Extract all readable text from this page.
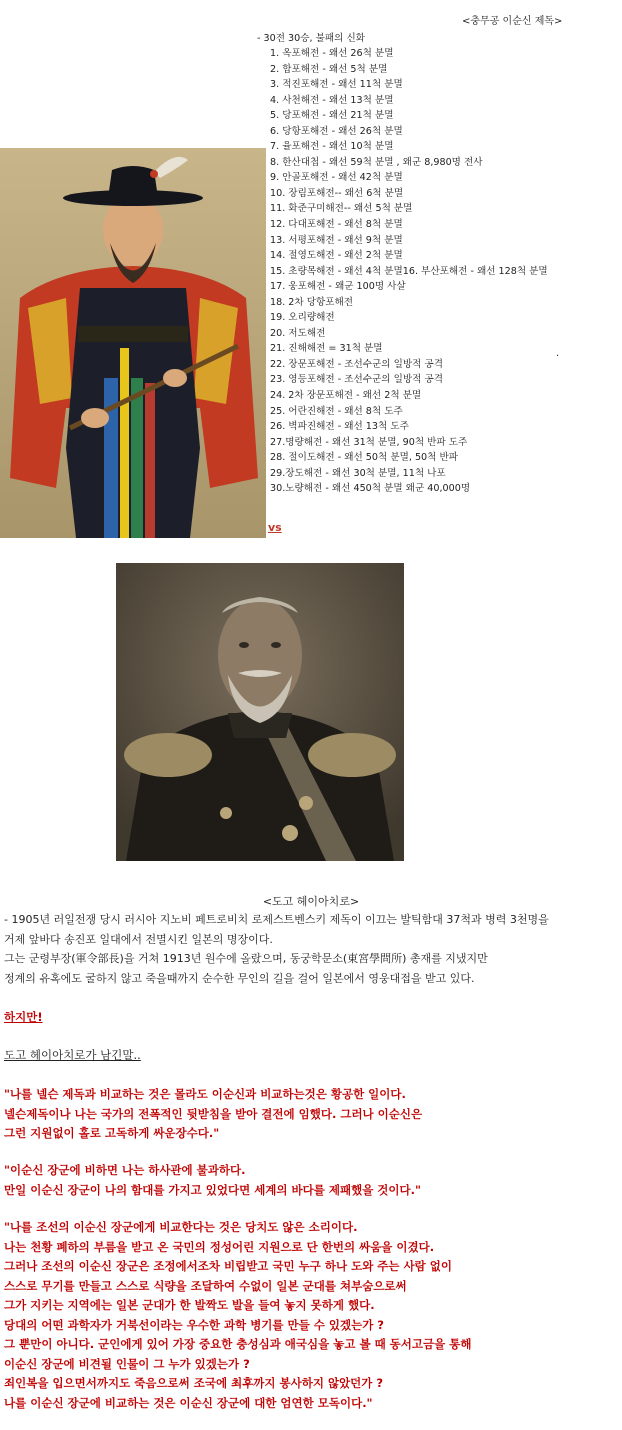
<충무공 이순신 제독>
- 30전 30승, 불패의 신화
1. 옥포해전 - 왜선 26척 분멸
2. 합포해전 - 왜선 5척 분멸
3. 적진포해전 - 왜선 11척 분멸
4. 사천해전 - 왜선 13척 분멸
5. 당포해전 - 왜선 21척 분멸
6. 당항포해전 - 왜선 26척 분멸
7. 율포해전 - 왜선 10척 분멸
8. 한산대첩 - 왜선 59척 분멸 , 왜군 8,980명 전사
9. 안골포해전 - 왜선 42척 분멸
10. 장림포해전-- 왜선 6척 분멸
11. 화준구미해전-- 왜선 5척 분멸
12. 다대포해전 - 왜선 8척 분멸
13. 서평포해전 - 왜선 9척 분멸
14. 절영도해전 - 왜선 2척 분멸
15. 초량목해전 - 왜선 4척 분멸16. 부산포해전 - 왜선 128척 분멸
17. 웅포해전 - 왜군 100명 사살
18. 2차 당항포해전
19. 오리량해전
20. 저도해전
21. 진해해전 = 31척 분멸
22. 장문포해전 - 조선수군의 일방적 공격
23. 영등포해전 - 조선수군의 일방적 공격
24. 2차 장문포해전 - 왜선 2척 분멸
25. 어란진해전 - 왜선 8척 도주
26. 벽파진해전 - 왜선 13척 도주
27.명량해전 - 왜선 31척 분멸, 90척 반파 도주
28. 절이도해전 - 왜선 50척 분멸, 50척 반파
29.장도해전 - 왜선 30척 분멸, 11척 나포
30.노량해전 - 왜선 450척 분멸 왜군 40,000명
.
vs
<도고 헤이아치로>

- 1905년 러일전쟁 당시 러시아 지노비 페트로비치 로제스트벤스키 제독이 이끄는 발틱함대 37척과 병력 3천명을

거제 앞바다 송진포 일대에서 전멸시킨 일본의 명장이다.

그는 군령부장(軍令部長)을 거쳐 1913년 원수에 올랐으며, 동궁학문소(東宮學問所) 총재를 지냈지만

정계의 유혹에도 굴하지 않고 죽을때까지 순수한 무인의 길을 걸어 일본에서 영웅대접을 받고 있다.

하지만!
도고 헤이아치로가 남긴말..

"나를 넬슨 제독과 비교하는 것은 몰라도 이순신과 비교하는것은 황공한 일이다.

넬슨제독이나 나는 국가의 전폭적인 뒷받침을 받아 결전에 임했다. 그러나 이순신은

그런 지원없이 홀로 고독하게 싸운장수다."

"이순신 장군에 비하면 나는 하사관에 불과하다.

만일 이순신 장군이 나의 함대를 가지고 있었다면 세계의 바다를 제패했을 것이다."

"나를 조선의 이순신 장군에게 비교한다는 것은 당치도 않은 소리이다.

나는 천황 폐하의 부름을 받고 온 국민의 정성어린 지원으로 단 한번의 싸움을 이겼다.

그러나 조선의 이순신 장군은 조정에서조차 비립받고 국민 누구 하나 도와 주는 사람 없이

스스로 무기를 만들고 스스로 식량을 조달하여 수없이 일본 군대를 쳐부숨으로써

그가 지키는 지역에는 일본 군대가 한 발짝도 발을 들여 놓지 못하게 했다.

당대의 어떤 과학자가 거북선이라는 우수한 과학 병기를 만들 수 있겠는가 ?

그 뿐만이 아니다. 군인에게 있어 가장 중요한 충성심과 애국심을 놓고 볼 때 동서고금을 통해

이순신 장군에 비견될 인물이 그 누가 있겠는가 ?

죄인복을 입으면서까지도 죽음으로써 조국에 최후까지 봉사하지 않았던가 ?

나를 이순신 장군에 비교하는 것은 이순신 장군에 대한 엄연한 모독이다."
